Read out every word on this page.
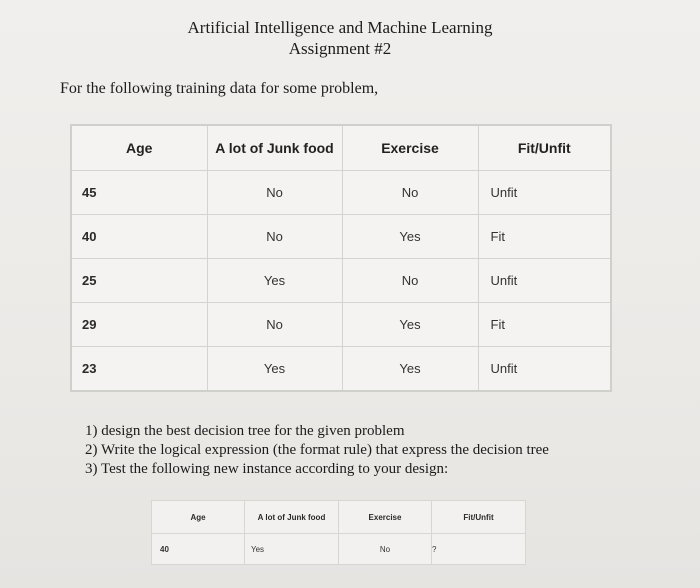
Artificial Intelligence and Machine Learning
Assignment #2
For the following training data for some problem,
Age	A lot of Junk food	Exercise	Fit/Unfit
45	No	No	Unfit
40	No	Yes	Fit
25	Yes	No	Unfit
29	No	Yes	Fit
23	Yes	Yes	Unfit
1) design the best decision tree for the given problem
2) Write the logical expression (the format rule) that express the decision tree
3) Test the following new instance according to your design:
Age	A lot of Junk food	Exercise	Fit/Unfit
40	Yes	No	?
